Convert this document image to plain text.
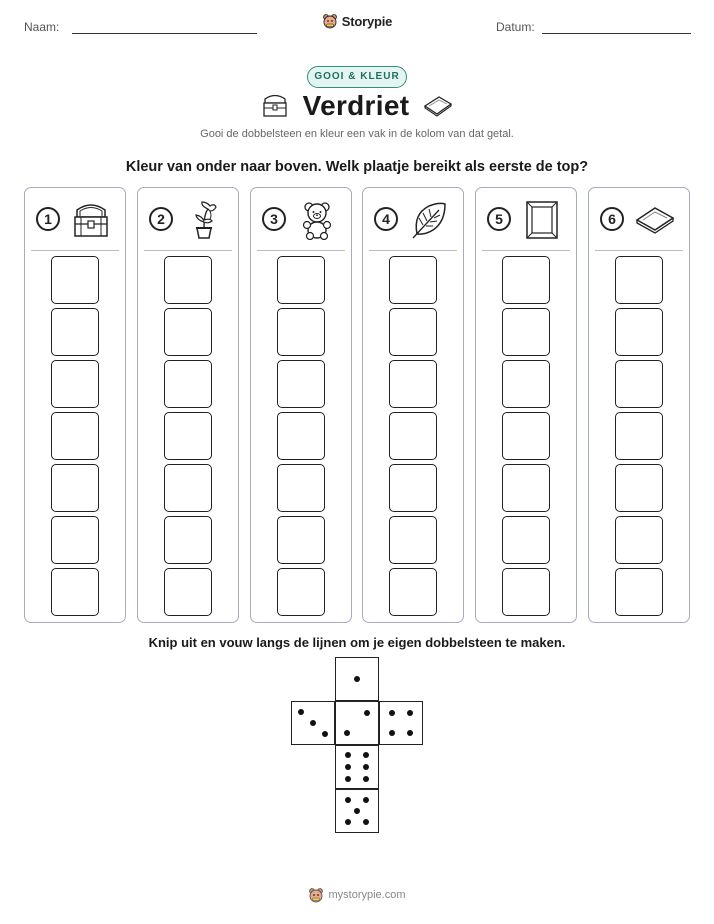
Naam:	Datum:
Storypie
GOOI & KLEUR
Verdriet
Gooi de dobbelsteen en kleur een vak in de kolom van dat getal.
Kleur van onder naar boven. Welk plaatje bereikt als eerste de top?
1	2	3	4	5	6
Knip uit en vouw langs de lijnen om je eigen dobbelsteen te maken.
mystorypie.com
